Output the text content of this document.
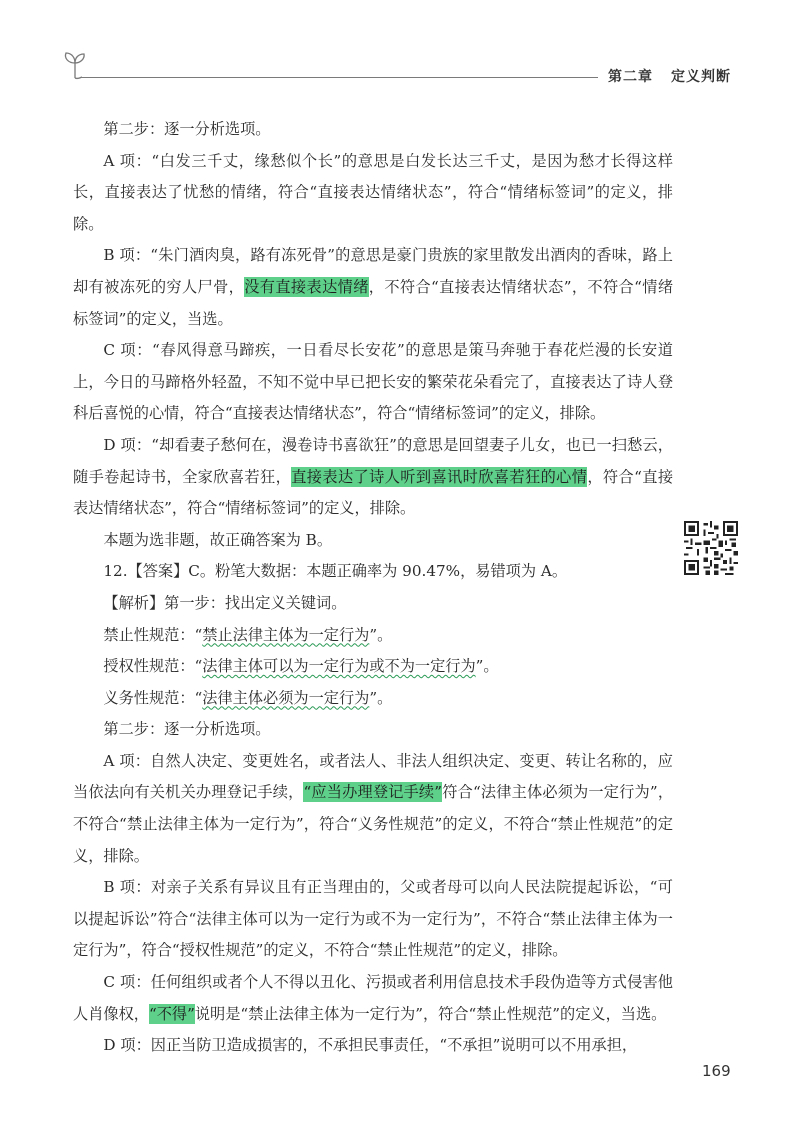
第二章 定义判断

第二步：逐一分析选项。

A 项：“白发三千丈，缘愁似个长”的意思是白发长达三千丈，是因为愁才长得这样长，直接表达了忧愁的情绪，符合“直接表达情绪状态”，符合“情绪标签词”的定义，排除。

B 项：“朱门酒肉臭，路有冻死骨”的意思是豪门贵族的家里散发出酒肉的香味，路上却有被冻死的穷人尸骨，没有直接表达情绪，不符合“直接表达情绪状态”，不符合“情绪标签词”的定义，当选。

C 项：“春风得意马蹄疾，一日看尽长安花”的意思是策马奔驰于春花烂漫的长安道上，今日的马蹄格外轻盈，不知不觉中早已把长安的繁荣花朵看完了，直接表达了诗人登科后喜悦的心情，符合“直接表达情绪状态”，符合“情绪标签词”的定义，排除。

D 项：“却看妻子愁何在，漫卷诗书喜欲狂”的意思是回望妻子儿女，也已一扫愁云，随手卷起诗书，全家欣喜若狂，直接表达了诗人听到喜讯时欣喜若狂的心情，符合“直接表达情绪状态”，符合“情绪标签词”的定义，排除。

本题为选非题，故正确答案为 B。

12.【答案】C。粉笔大数据：本题正确率为 90.47%，易错项为 A。

【解析】第一步：找出定义关键词。

禁止性规范：“禁止法律主体为一定行为”。

授权性规范：“法律主体可以为一定行为或不为一定行为”。

义务性规范：“法律主体必须为一定行为”。

第二步：逐一分析选项。

A 项：自然人决定、变更姓名，或者法人、非法人组织决定、变更、转让名称的，应当依法向有关机关办理登记手续，“应当办理登记手续”符合“法律主体必须为一定行为”，不符合“禁止法律主体为一定行为”，符合“义务性规范”的定义，不符合“禁止性规范”的定义，排除。

B 项：对亲子关系有异议且有正当理由的，父或者母可以向人民法院提起诉讼，“可以提起诉讼”符合“法律主体可以为一定行为或不为一定行为”，不符合“禁止法律主体为一定行为”，符合“授权性规范”的定义，不符合“禁止性规范”的定义，排除。

C 项：任何组织或者个人不得以丑化、污损或者利用信息技术手段伪造等方式侵害他人肖像权，“不得”说明是“禁止法律主体为一定行为”，符合“禁止性规范”的定义，当选。

D 项：因正当防卫造成损害的，不承担民事责任，“不承担”说明可以不用承担，

169
